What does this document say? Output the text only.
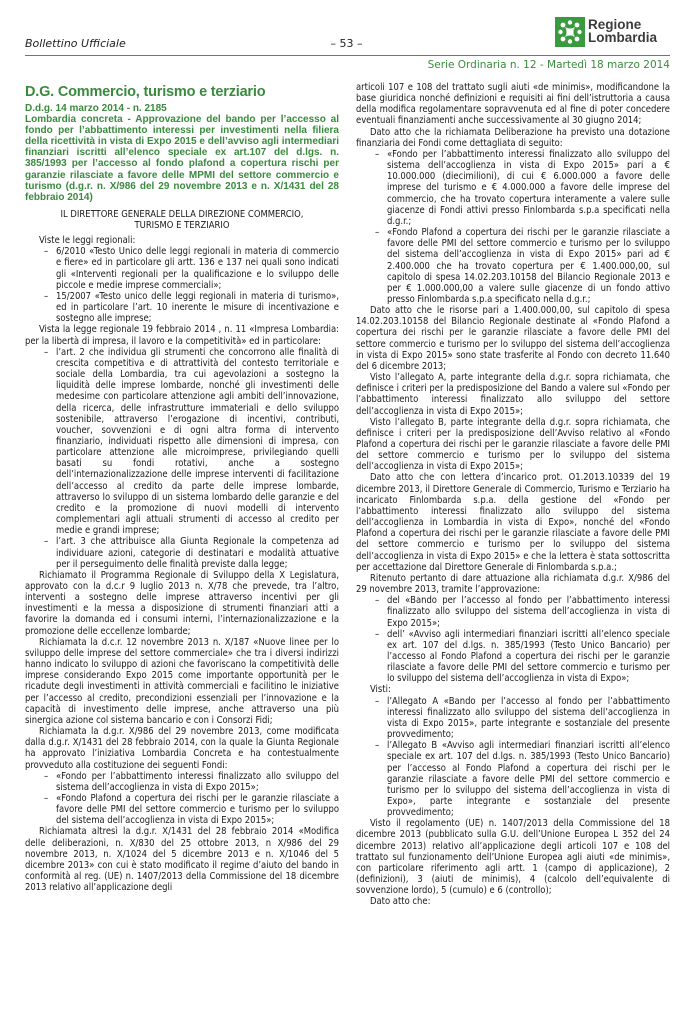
Bollettino Ufficiale	– 53 –
Regione
Lombardia
Serie Ordinaria n. 12 - Martedì 18 marzo 2014
D.G. Commercio, turismo e terziario
D.d.g. 14 marzo 2014 - n. 2185
Lombardia concreta - Approvazione del bando per l’accesso al fondo per l’abbattimento interessi per investimenti nella filiera della ricettività in vista di Expo 2015 e dell’avviso agli intermediari finanziari iscritti all’elenco speciale ex art.107 del d.lgs. n. 385/1993 per l’accesso al fondo plafond a copertura rischi per garanzie rilasciate a favore delle MPMI del settore commercio e turismo (d.g.r. n. X/986 del 29 novembre 2013 e n. X/1431 del 28 febbraio 2014)
IL DIRETTORE GENERALE DELLA DIREZIONE COMMERCIO,
TURISMO E TERZIARIO

Viste le leggi regionali:

– 6/2010 «Testo Unico delle leggi regionali in materia di commercio e fiere» ed in particolare gli artt. 136 e 137 nei quali sono indicati gli «Interventi regionali per la qualificazione e lo sviluppo delle piccole e medie imprese commerciali»;
– 15/2007 «Testo unico delle leggi regionali in materia di turismo», ed in particolare l’art. 10 inerente le misure di incentivazione e sostegno alle imprese;

Vista la legge regionale 19 febbraio 2014 , n. 11 «Impresa Lombardia: per la libertà di impresa, il lavoro e la competitività» ed in particolare:

– l’art. 2 che individua gli strumenti che concorrono alle finalità di crescita competitiva e di attrattività del contesto territoriale e sociale della Lombardia, tra cui agevolazioni a sostegno la liquidità delle imprese lombarde, nonché gli investimenti delle medesime con particolare attenzione agli ambiti dell’innovazione, della ricerca, delle infrastrutture immateriali e dello sviluppo sostenibile, attraverso l’erogazione di incentivi, contributi, voucher, sovvenzioni e di ogni altra forma di intervento finanziario, individuati rispetto alle dimensioni di impresa, con particolare attenzione alle microimprese, privilegiando quelli basati su fondi rotativi, anche a sostegno dell’internazionalizzazione delle imprese interventi di facilitazione dell’accesso al credito da parte delle imprese lombarde, attraverso lo sviluppo di un sistema lombardo delle garanzie e del credito e la promozione di nuovi modelli di intervento complementari agli attuali strumenti di accesso al credito per medie e grandi imprese;
– l’art. 3 che attribuisce alla Giunta Regionale la competenza ad individuare azioni, categorie di destinatari e modalità attuative per il perseguimento delle finalità previste dalla legge;

Richiamato il Programma Regionale di Sviluppo della X Legislatura, approvato con la d.c.r 9 luglio 2013 n. X/78 che prevede, tra l’altro, interventi a sostegno delle imprese attraverso incentivi per gli investimenti e la messa a disposizione di strumenti finanziari atti a favorire la domanda ed i consumi interni, l’internazionalizzazione e la promozione delle eccellenze lombarde;

Richiamata la d.c.r. 12 novembre 2013 n. X/187 «Nuove linee per lo sviluppo delle imprese del settore commerciale» che tra i diversi indirizzi hanno indicato lo sviluppo di azioni che favoriscano la competitività delle imprese considerando Expo 2015 come importante opportunità per le ricadute degli investimenti in attività commerciali e facilitino le iniziative per l’accesso al credito, precondizioni essenziali per l’innovazione e la capacità di investimento delle imprese, anche attraverso una più sinergica azione col sistema bancario e con i Consorzi Fidi;

Richiamata la d.g.r. X/986 del 29 novembre 2013, come modificata dalla d.g.r. X/1431 del 28 febbraio 2014, con la quale la Giunta Regionale ha approvato l’iniziativa Lombardia Concreta e ha contestualmente provveduto alla costituzione dei seguenti Fondi:

– «Fondo per l’abbattimento interessi finalizzato allo sviluppo del sistema dell’accoglienza in vista di Expo 2015»;
– «Fondo Plafond a copertura dei rischi per le garanzie rilasciate a favore delle PMI del settore commercio e turismo per lo sviluppo del sistema dell’accoglienza in vista di Expo 2015»;

Richiamata altresì la d.g.r. X/1431 del 28 febbraio 2014 «Modifica delle deliberazioni, n. X/830 del 25 ottobre 2013, n X/986 del 29 novembre 2013, n. X/1024 del 5 dicembre 2013 e n. X/1046 del 5 dicembre 2013» con cui è stato modificato il regime d’aiuto del bando in conformità al reg. (UE) n. 1407/2013 della Commissione del 18 dicembre 2013 relativo all’applicazione degli

articoli 107 e 108 del trattato sugli aiuti «de minimis», modificandone la base giuridica nonché definizioni e requisiti ai fini dell’istruttoria a causa della modifica regolamentare sopravvenuta ed al fine di poter concedere eventuali finanziamenti anche successivamente al 30 giugno 2014;

Dato atto che la richiamata Deliberazione ha previsto una dotazione finanziaria dei Fondi come dettagliata di seguito:

– «Fondo per l’abbattimento interessi finalizzato allo sviluppo del sistema dell’accoglienza in vista di Expo 2015» pari a € 10.000.000 (diecimilioni), di cui € 6.000.000 a favore delle imprese del turismo e € 4.000.000 a favore delle imprese del commercio, che ha trovato copertura interamente a valere sulle giacenze di Fondi attivi presso Finlombarda s.p.a specificati nella d.g.r.;
– «Fondo Plafond a copertura dei rischi per le garanzie rilasciate a favore delle PMI del settore commercio e turismo per lo sviluppo del sistema dell’accoglienza in vista di Expo 2015» pari ad € 2.400.000 che ha trovato copertura per € 1.400.000,00, sul capitolo di spesa 14.02.203.10158 del Bilancio Regionale 2013 e per € 1.000.000,00 a valere sulle giacenze di un fondo attivo presso Finlombarda s.p.a specificato nella d.g.r.;

Dato atto che le risorse pari a 1.400.000,00, sul capitolo di spesa 14.02.203.10158 del Bilancio Regionale destinate al «Fondo Plafond a copertura dei rischi per le garanzie rilasciate a favore delle PMI del settore commercio e turismo per lo sviluppo del sistema dell’accoglienza in vista di Expo 2015» sono state trasferite al Fondo con decreto 11.640 del 6 dicembre 2013;

Visto l’allegato A, parte integrante della d.g.r. sopra richiamata, che definisce i criteri per la predisposizione del Bando a valere sul «Fondo per l’abbattimento interessi finalizzato allo sviluppo del settore dell’accoglienza in vista di Expo 2015»;

Visto l’allegato B, parte integrante della d.g.r. sopra richiamata, che definisce i criteri per la predisposizione dell’Avviso relativo al «Fondo Plafond a copertura dei rischi per le garanzie rilasciate a favore delle PMI del settore commercio e turismo per lo sviluppo del sistema dell’accoglienza in vista di Expo 2015»;

Dato atto che con lettera d’incarico prot. O1.2013.10339 del 19 dicembre 2013, il Direttore Generale di Commercio, Turismo e Terziario ha incaricato Finlombarda s.p.a. della gestione del «Fondo per l’abbattimento interessi finalizzato allo sviluppo del sistema dell’accoglienza in Lombardia in vista di Expo», nonché del «Fondo Plafond a copertura dei rischi per le garanzie rilasciate a favore delle PMI del settore commercio e turismo per lo sviluppo del sistema dell’accoglienza in vista di Expo 2015» e che la lettera è stata sottoscritta per accettazione dal Direttore Generale di Finlombarda s.p.a.;

Ritenuto pertanto di dare attuazione alla richiamata d.g.r. X/986 del 29 novembre 2013, tramite l’approvazione:

– del «Bando per l’accesso al fondo per l’abbattimento interessi finalizzato allo sviluppo del sistema dell’accoglienza in vista di Expo 2015»;
– dell’ «Avviso agli intermediari finanziari iscritti all’elenco speciale ex art. 107 del d.lgs. n. 385/1993 (Testo Unico Bancario) per l’accesso al Fondo Plafond a copertura dei rischi per le garanzie rilasciate a favore delle PMI del settore commercio e turismo per lo sviluppo del sistema dell’accoglienza in vista di Expo»;

Visti:

– l’Allegato A «Bando per l’accesso al fondo per l’abbattimento interessi finalizzato allo sviluppo del sistema dell’accoglienza in vista di Expo 2015», parte integrante e sostanziale del presente provvedimento;
– l’Allegato B «Avviso agli intermediari finanziari iscritti all’elenco speciale ex art. 107 del d.lgs. n. 385/1993 (Testo Unico Bancario) per l’accesso al Fondo Plafond a copertura dei rischi per le garanzie rilasciate a favore delle PMI del settore commercio e turismo per lo sviluppo del sistema dell’accoglienza in vista di Expo», parte integrante e sostanziale del presente provvedimento;

Visto il regolamento (UE) n. 1407/2013 della Commissione del 18 dicembre 2013 (pubblicato sulla G.U. dell’Unione Europea L 352 del 24 dicembre 2013) relativo all’applicazione degli articoli 107 e 108 del trattato sul funzionamento dell’Unione Europea agli aiuti «de minimis», con particolare riferimento agli artt. 1 (campo di applicazione), 2 (definizioni), 3 (aiuti de minimis), 4 (calcolo dell’equivalente di sovvenzione lordo), 5 (cumulo) e 6 (controllo);

Dato atto che:
